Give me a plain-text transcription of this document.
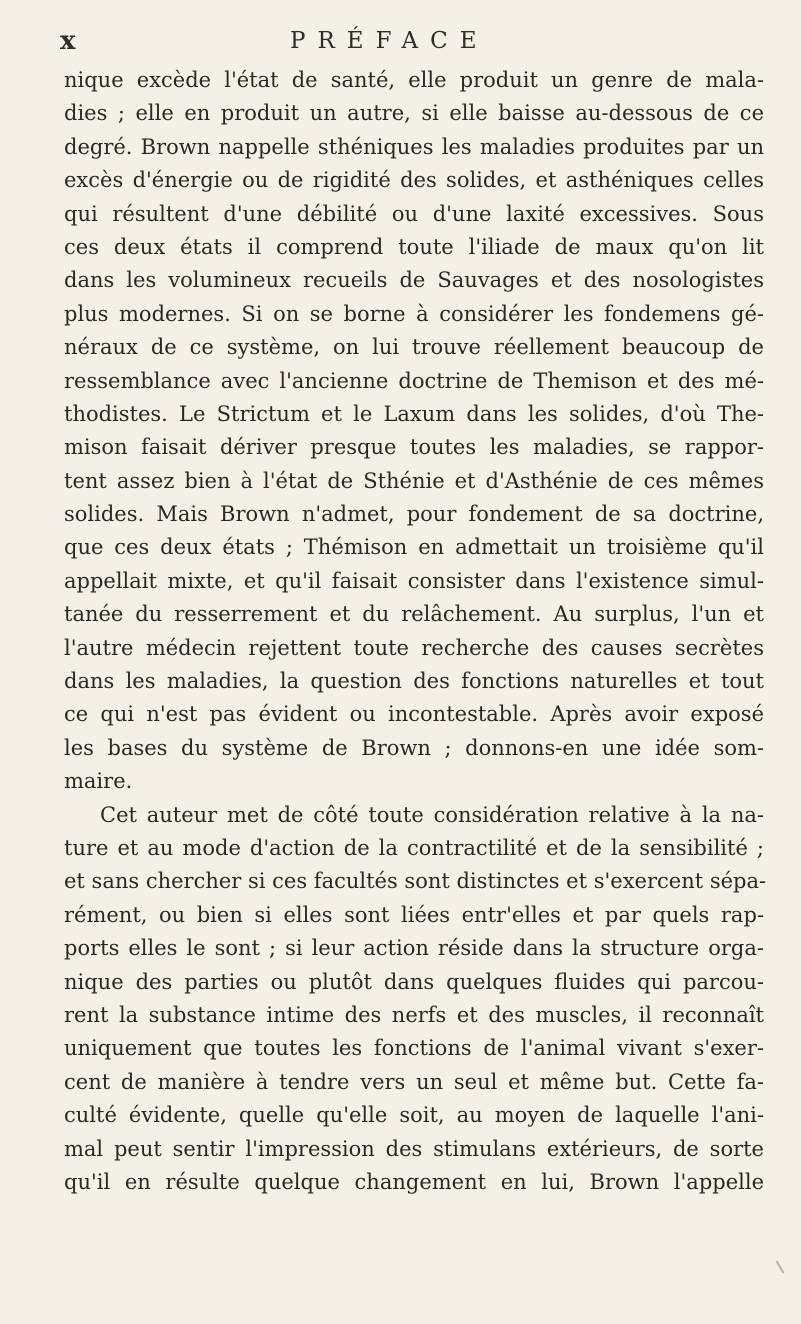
x	PRÉFACE
nique excède l'état de santé, elle produit un genre de mala-
dies ; elle en produit un autre, si elle baisse au-dessous de ce
degré. Brown nappelle sthéniques les maladies produites par un
excès d'énergie ou de rigidité des solides, et asthéniques celles
qui résultent d'une débilité ou d'une laxité excessives. Sous
ces deux états il comprend toute l'iliade de maux qu'on lit
dans les volumineux recueils de Sauvages et des nosologistes
plus modernes. Si on se borne à considérer les fondemens gé-
néraux de ce système, on lui trouve réellement beaucoup de
ressemblance avec l'ancienne doctrine de Themison et des mé-
thodistes. Le Strictum et le Laxum dans les solides, d'où The-
mison faisait dériver presque toutes les maladies, se rappor-
tent assez bien à l'état de Sthénie et d'Asthénie de ces mêmes
solides. Mais Brown n'admet, pour fondement de sa doctrine,
que ces deux états ; Thémison en admettait un troisième qu'il
appellait mixte, et qu'il faisait consister dans l'existence simul-
tanée du resserrement et du relâchement. Au surplus, l'un et
l'autre médecin rejettent toute recherche des causes secrètes
dans les maladies, la question des fonctions naturelles et tout
ce qui n'est pas évident ou incontestable. Après avoir exposé
les bases du système de Brown ; donnons-en une idée som-
maire.
Cet auteur met de côté toute considération relative à la na-
ture et au mode d'action de la contractilité et de la sensibilité ;
et sans chercher si ces facultés sont distinctes et s'exercent sépa-
rément, ou bien si elles sont liées entr'elles et par quels rap-
ports elles le sont ; si leur action réside dans la structure orga-
nique des parties ou plutôt dans quelques fluides qui parcou-
rent la substance intime des nerfs et des muscles, il reconnaît
uniquement que toutes les fonctions de l'animal vivant s'exer-
cent de manière à tendre vers un seul et même but. Cette fa-
culté évidente, quelle qu'elle soit, au moyen de laquelle l'ani-
mal peut sentir l'impression des stimulans extérieurs, de sorte
qu'il en résulte quelque changement en lui, Brown l'appelle
